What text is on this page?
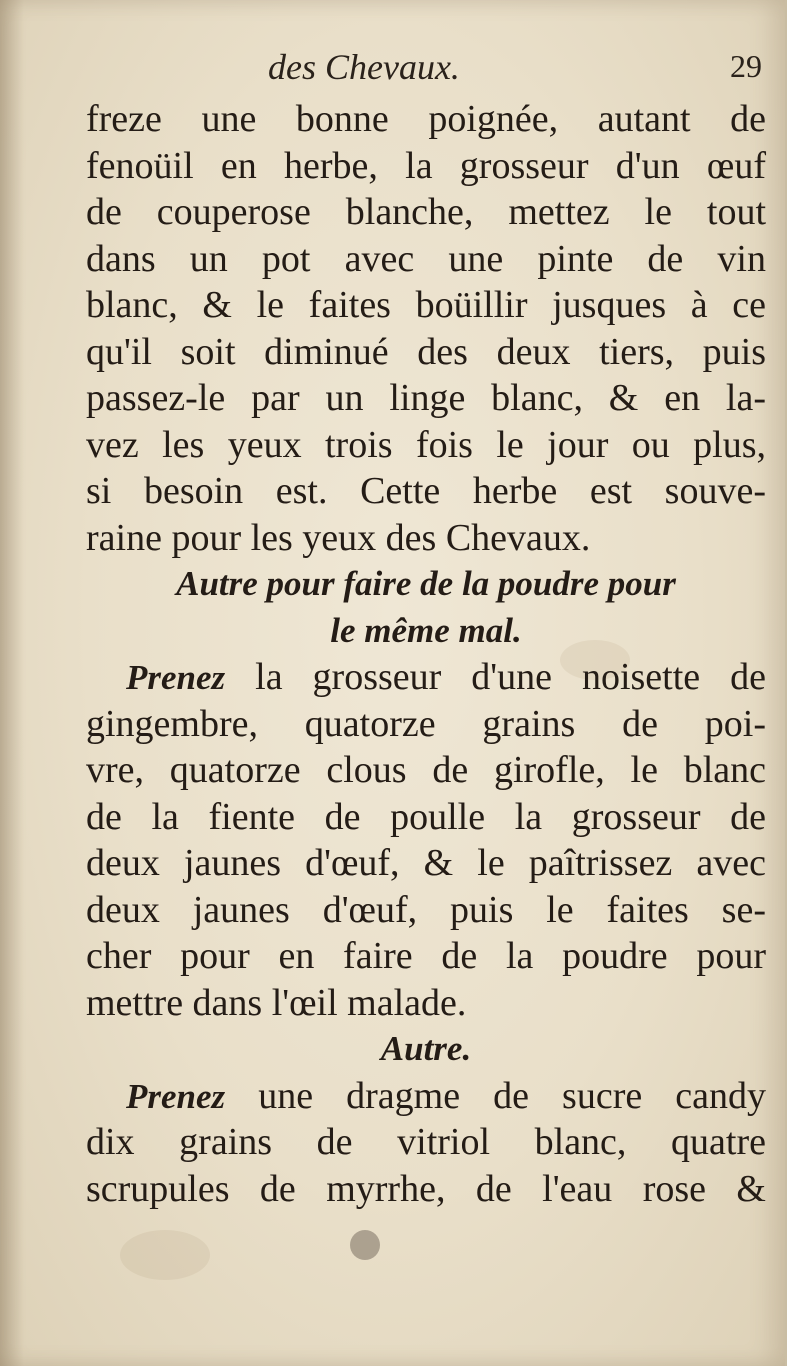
des Chevaux.	29
freze une bonne poignée, autant de
fenoüil en herbe, la grosseur d'un œuf
de couperose blanche, mettez le tout
dans un pot avec une pinte de vin
blanc, & le faites boüillir jusques à ce
qu'il soit diminué des deux tiers, puis
passez-le par un linge blanc, & en la-
vez les yeux trois fois le jour ou plus,
si besoin est. Cette herbe est souve-
raine pour les yeux des Chevaux.
Autre pour faire de la poudre pour
le même mal.
Prenez la grosseur d'une noisette de
gingembre, quatorze grains de poi-
vre, quatorze clous de girofle, le blanc
de la fiente de poulle la grosseur de
deux jaunes d'œuf, & le paîtrissez avec
deux jaunes d'œuf, puis le faites se-
cher pour en faire de la poudre pour
mettre dans l'œil malade.
Autre.
Prenez une dragme de sucre candy
dix grains de vitriol blanc, quatre
scrupules de myrrhe, de l'eau rose &
